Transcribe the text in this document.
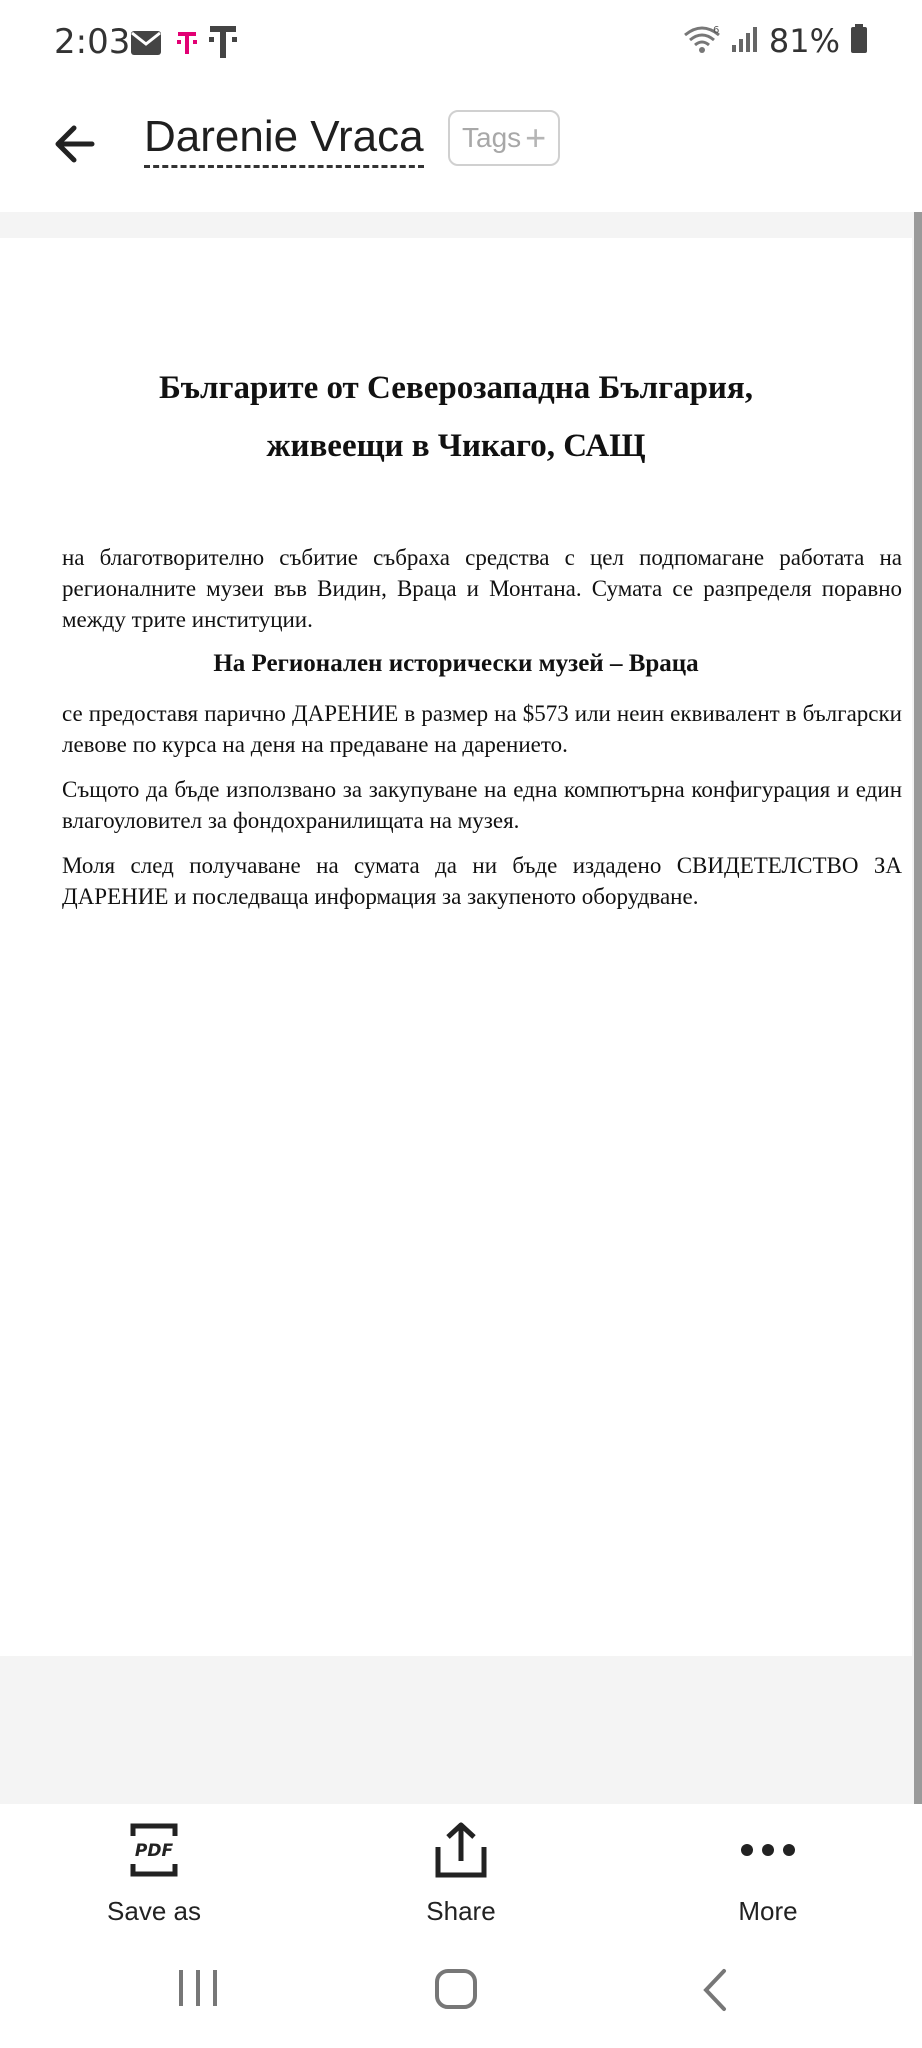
2:03	6 81%
Darenie Vraca Tags +
Българите от Северозападна България,
живеещи в Чикаго, САЩ

на благотворително събитие събраха средства с цел подпомагане работата на регионалните музеи във Видин, Враца и Монтана. Сумата се разпределя поравно между трите институции.

На Регионален исторически музей – Враца

се предоставя парично ДАРЕНИЕ в размер на $573 или неин еквивалент в български левове по курса на деня на предаване на дарението.

Същото да бъде използвано за закупуване на една компютърна конфигурация и един влагоуловител за фондохранилищата на музея.

Моля след получаване на сумата да ни бъде издадено СВИДЕТЕЛСТВО ЗА ДАРЕНИЕ и последваща информация за закупеното оборудване.

PDF
Save as	Share	More
